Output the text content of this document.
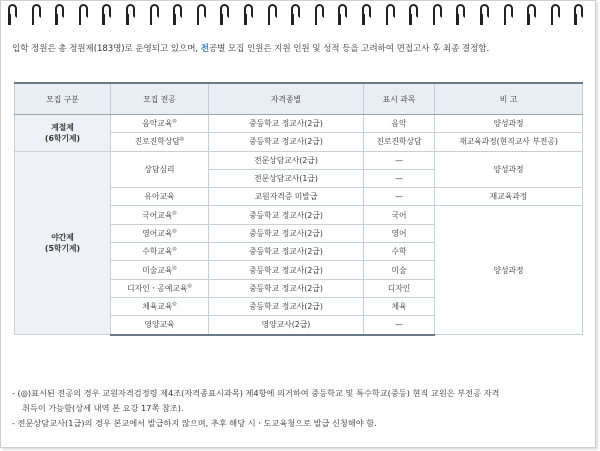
입학 정원은 총 정원제(183명)로 운영되고 있으며, 전공별 모집 인원은 지원 인원 및 성적 등을 고려하여 면접고사 후 최종 결정함.
모집 구분	모집 전공	자격종별	표시 과목	비 고

계절제
(6학기제)	음악교육◎	중등학교 정교사(2급)	음악	양성과정
	진로진학상담◎	중등학교 정교사(2급)	진로진학상담	재교육과정(현직교사 부전공)

야간제
(5학기제)	상담심리	전문상담교사(2급)	—	양성과정
		전문상담교사(1급)	—	
	유아교육	교원자격증 미발급	—	재교육과정
	국어교육◎	중등학교 정교사(2급)	국어	양성과정
	영어교육◎	중등학교 정교사(2급)	영어	
	수학교육◎	중등학교 정교사(2급)	수학	
	미술교육◎	중등학교 정교사(2급)	미술	
	디자인ㆍ공예교육◎	중등학교 정교사(2급)	디자인	
	체육교육◎	중등학교 정교사(2급)	체육	
	영양교육	영양교사(2급)	—	

- (◎)표시된 전공의 경우 교원자격검정령 제4조(자격종표시과목) 제4항에 의거하여 중등학교 및 특수학교(중등) 현직 교원은 부전공 자격

취득이 가능함(상세 내역 본 요강 17쪽 참조).

- 전문상담교사(1급)의 경우 본교에서 발급하지 않으며, 추후 해당 시ㆍ도교육청으로 발급 신청해야 함.
